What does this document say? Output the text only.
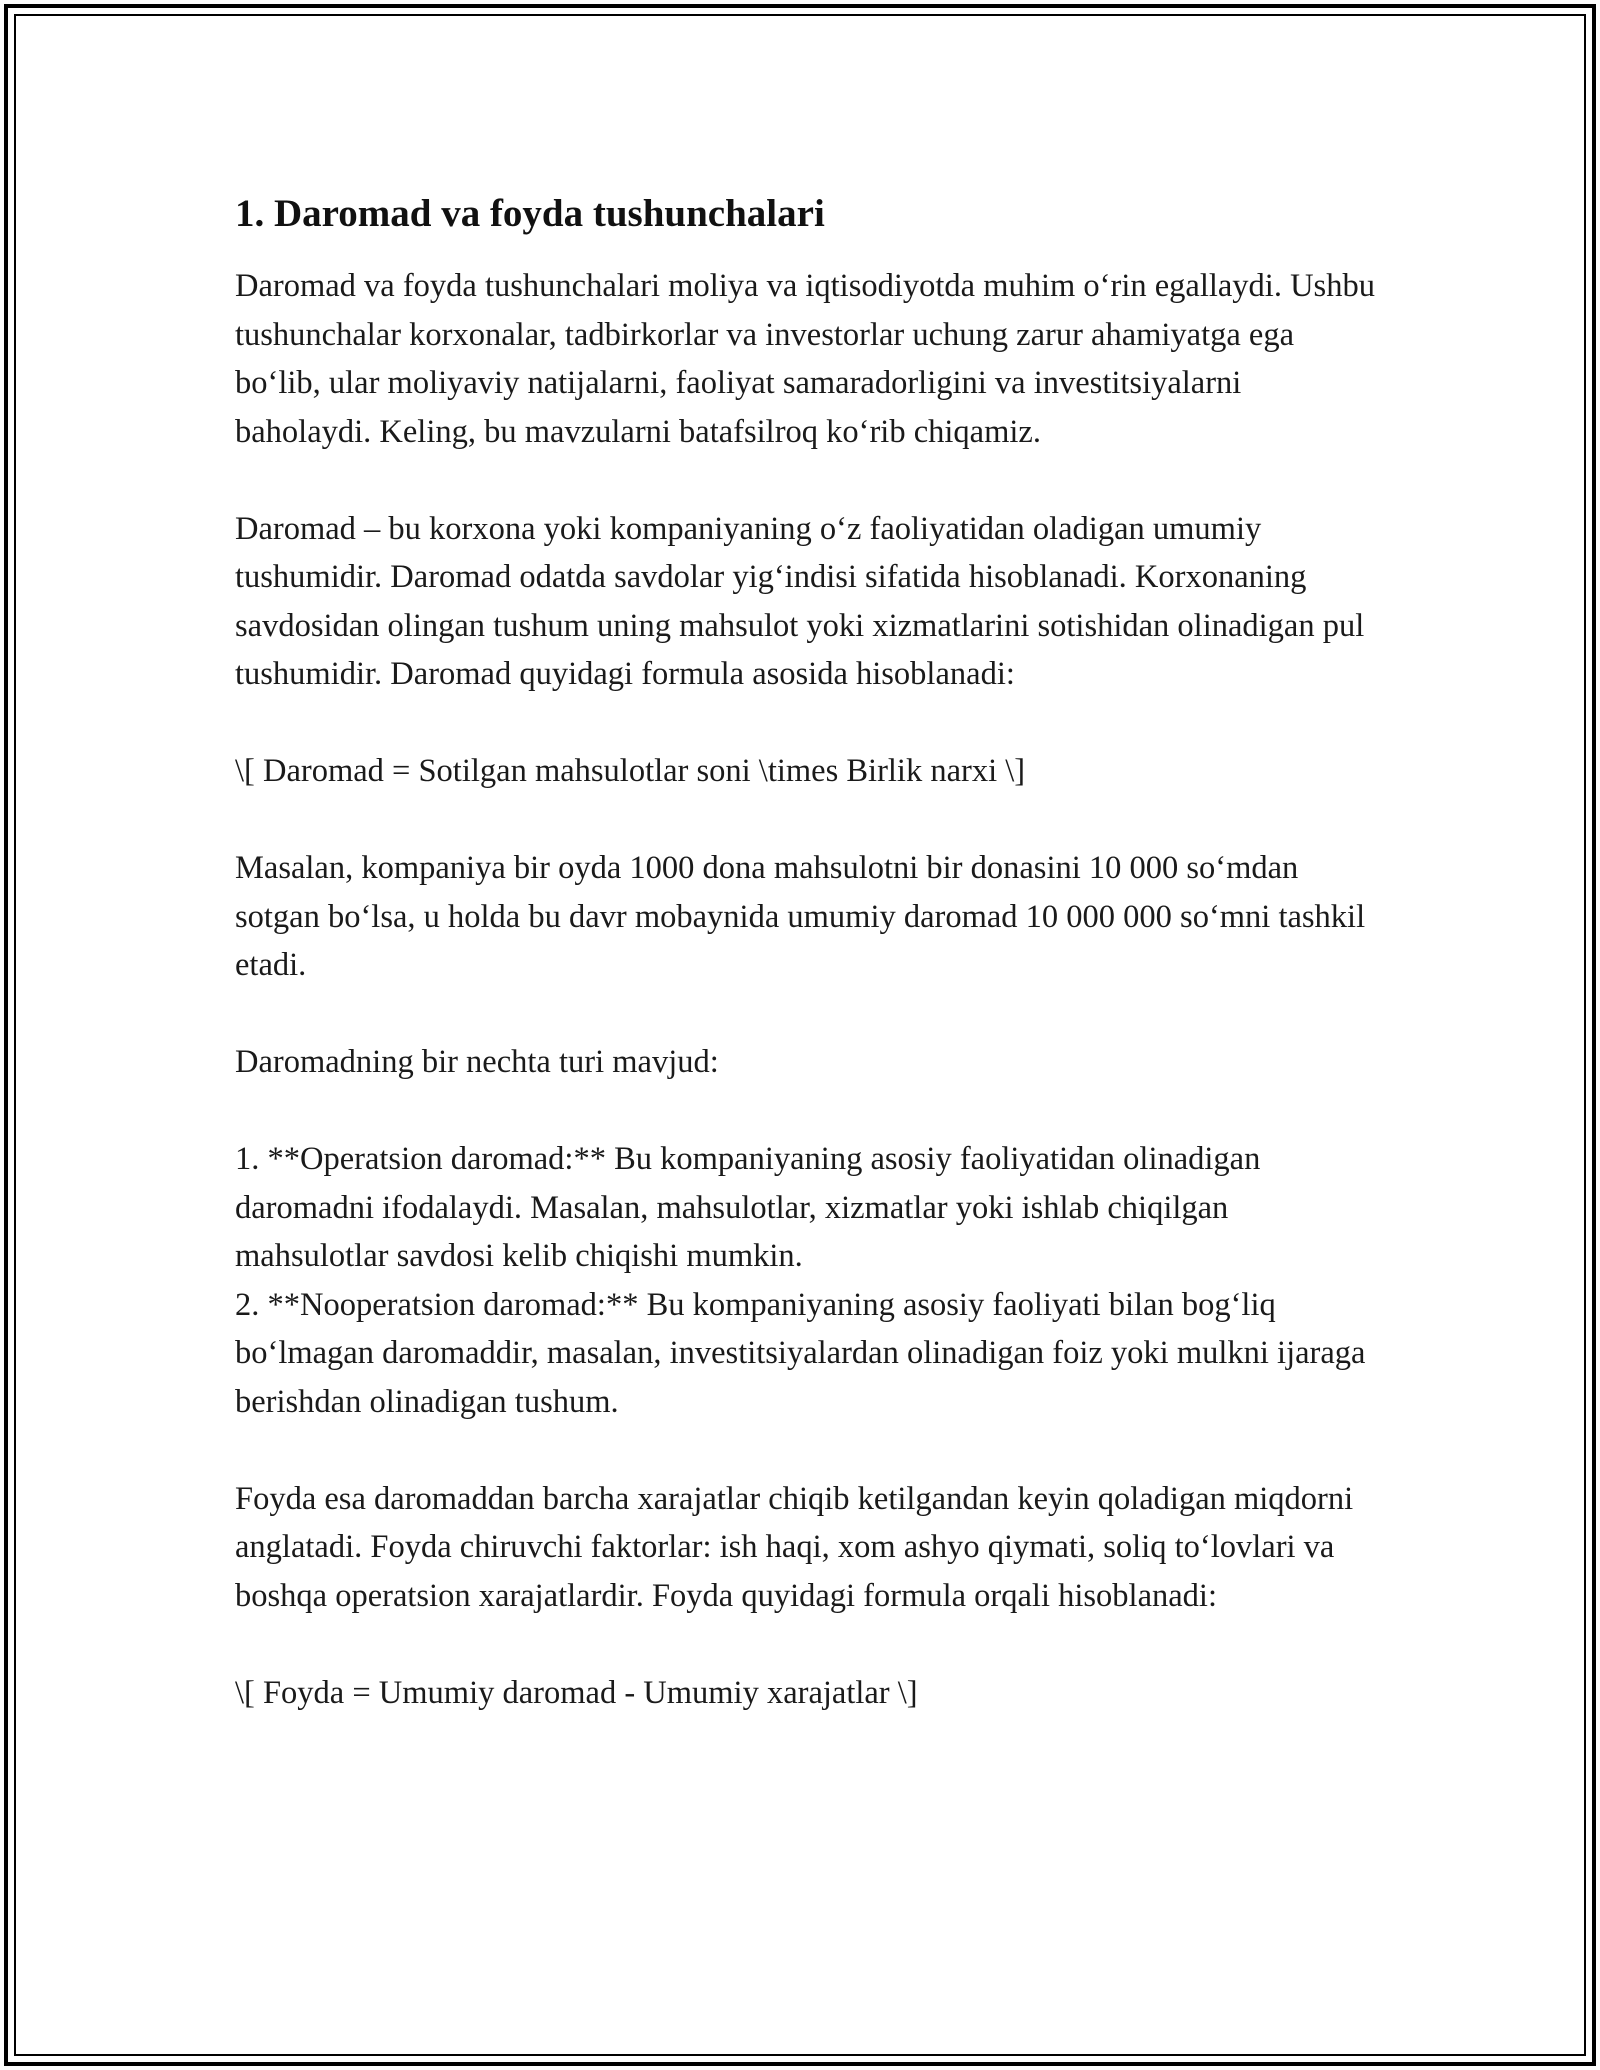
1. Daromad va foyda tushunchalari

Daromad va foyda tushunchalari moliya va iqtisodiyotda muhim o‘rin egallaydi. Ushbu tushunchalar korxonalar, tadbirkorlar va investorlar uchung zarur ahamiyatga ega bo‘lib, ular moliyaviy natijalarni, faoliyat samaradorligini va investitsiyalarni baholaydi. Keling, bu mavzularni batafsilroq ko‘rib chiqamiz.

Daromad – bu korxona yoki kompaniyaning o‘z faoliyatidan oladigan umumiy tushumidir. Daromad odatda savdolar yig‘indisi sifatida hisoblanadi. Korxonaning savdosidan olingan tushum uning mahsulot yoki xizmatlarini sotishidan olinadigan pul tushumidir. Daromad quyidagi formula asosida hisoblanadi:

\[ Daromad = Sotilgan mahsulotlar soni \times Birlik narxi \]

Masalan, kompaniya bir oyda 1000 dona mahsulotni bir donasini 10 000 so‘mdan sotgan bo‘lsa, u holda bu davr mobaynida umumiy daromad 10 000 000 so‘mni tashkil etadi.

Daromadning bir nechta turi mavjud:

1. **Operatsion daromad:** Bu kompaniyaning asosiy faoliyatidan olinadigan daromadni ifodalaydi. Masalan, mahsulotlar, xizmatlar yoki ishlab chiqilgan mahsulotlar savdosi kelib chiqishi mumkin.
2. **Nooperatsion daromad:** Bu kompaniyaning asosiy faoliyati bilan bog‘liq bo‘lmagan daromaddir, masalan, investitsiyalardan olinadigan foiz yoki mulkni ijaraga berishdan olinadigan tushum.

Foyda esa daromaddan barcha xarajatlar chiqib ketilgandan keyin qoladigan miqdorni anglatadi. Foyda chiruvchi faktorlar: ish haqi, xom ashyo qiymati, soliq to‘lovlari va boshqa operatsion xarajatlardir. Foyda quyidagi formula orqali hisoblanadi:

\[ Foyda = Umumiy daromad - Umumiy xarajatlar \]
